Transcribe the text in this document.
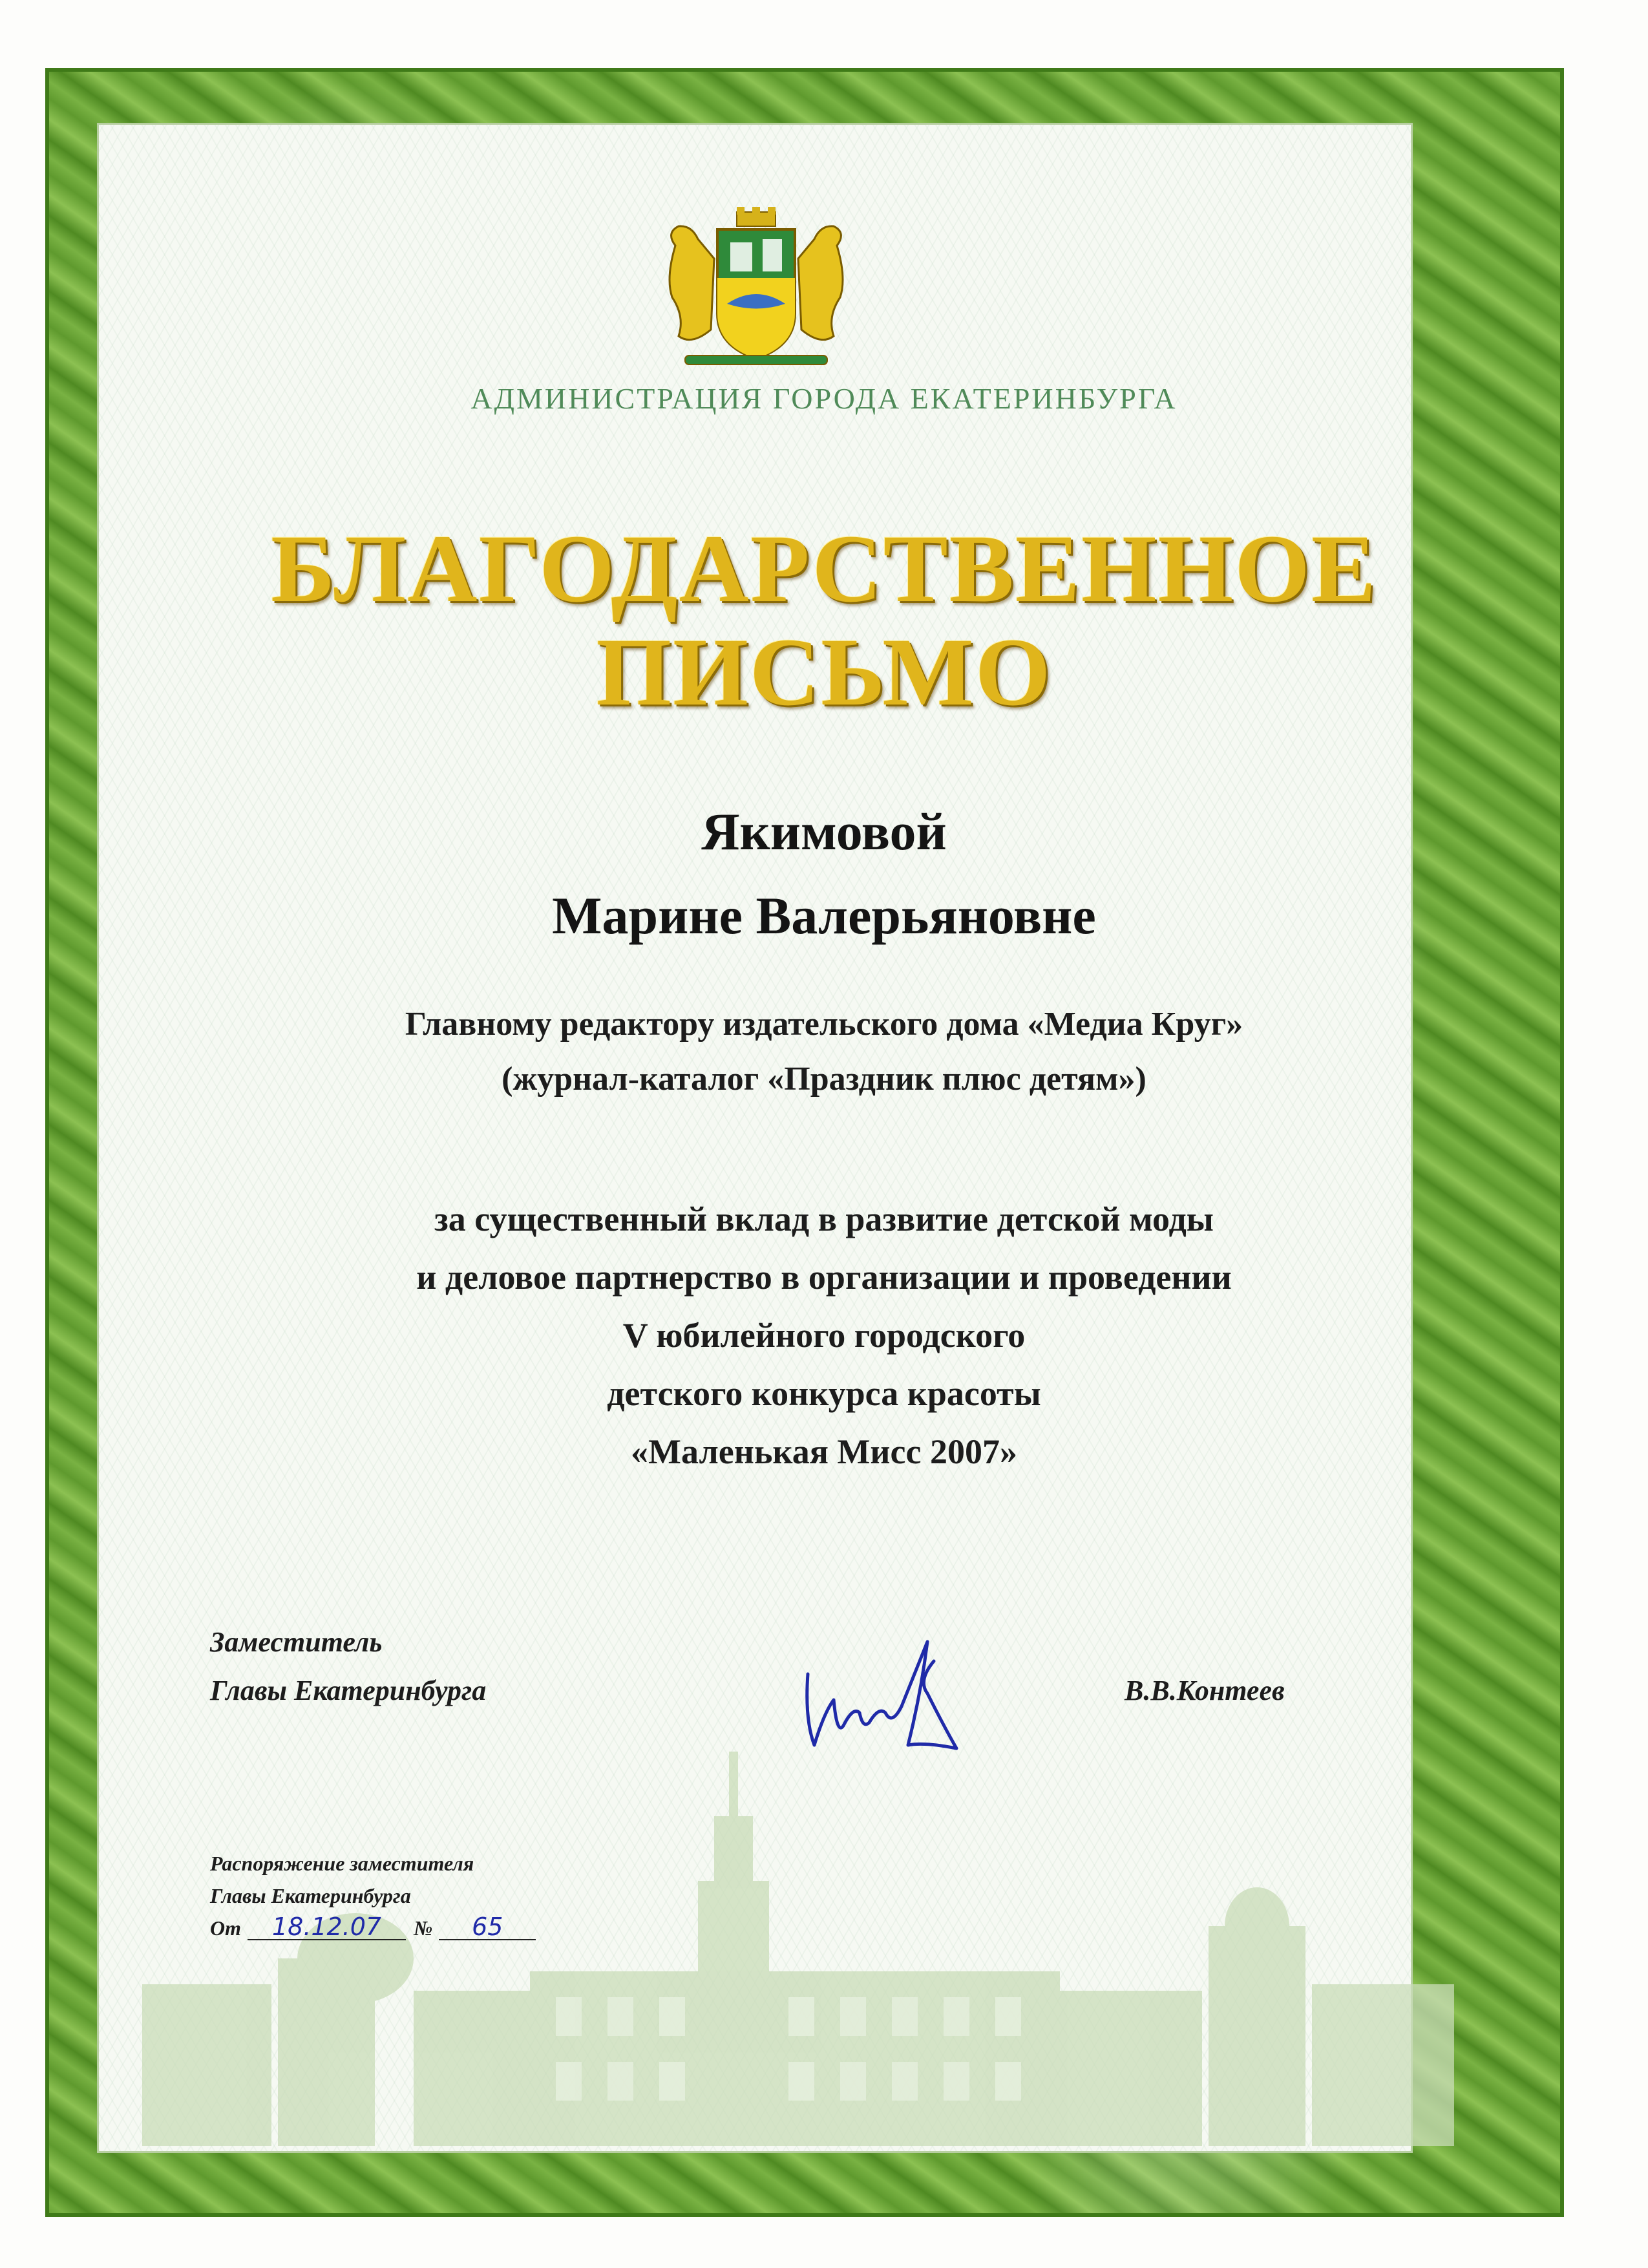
АДМИНИСТРАЦИЯ ГОРОДА ЕКАТЕРИНБУРГА
БЛАГОДАРСТВЕННОЕ
ПИСЬМО
Якимовой
Марине Валерьяновне
Главному редактору издательского дома «Медиа Круг»
(журнал-каталог «Праздник плюс детям»)
за существенный вклад в развитие детской моды
и деловое партнерство в организации и проведении
V юбилейного городского
детского конкурса красоты
«Маленькая Мисс 2007»
Заместитель
Главы Екатеринбурга	В.В.Контеев
Распоряжение заместителя
Главы Екатеринбурга
От 18.12.07 № 65
